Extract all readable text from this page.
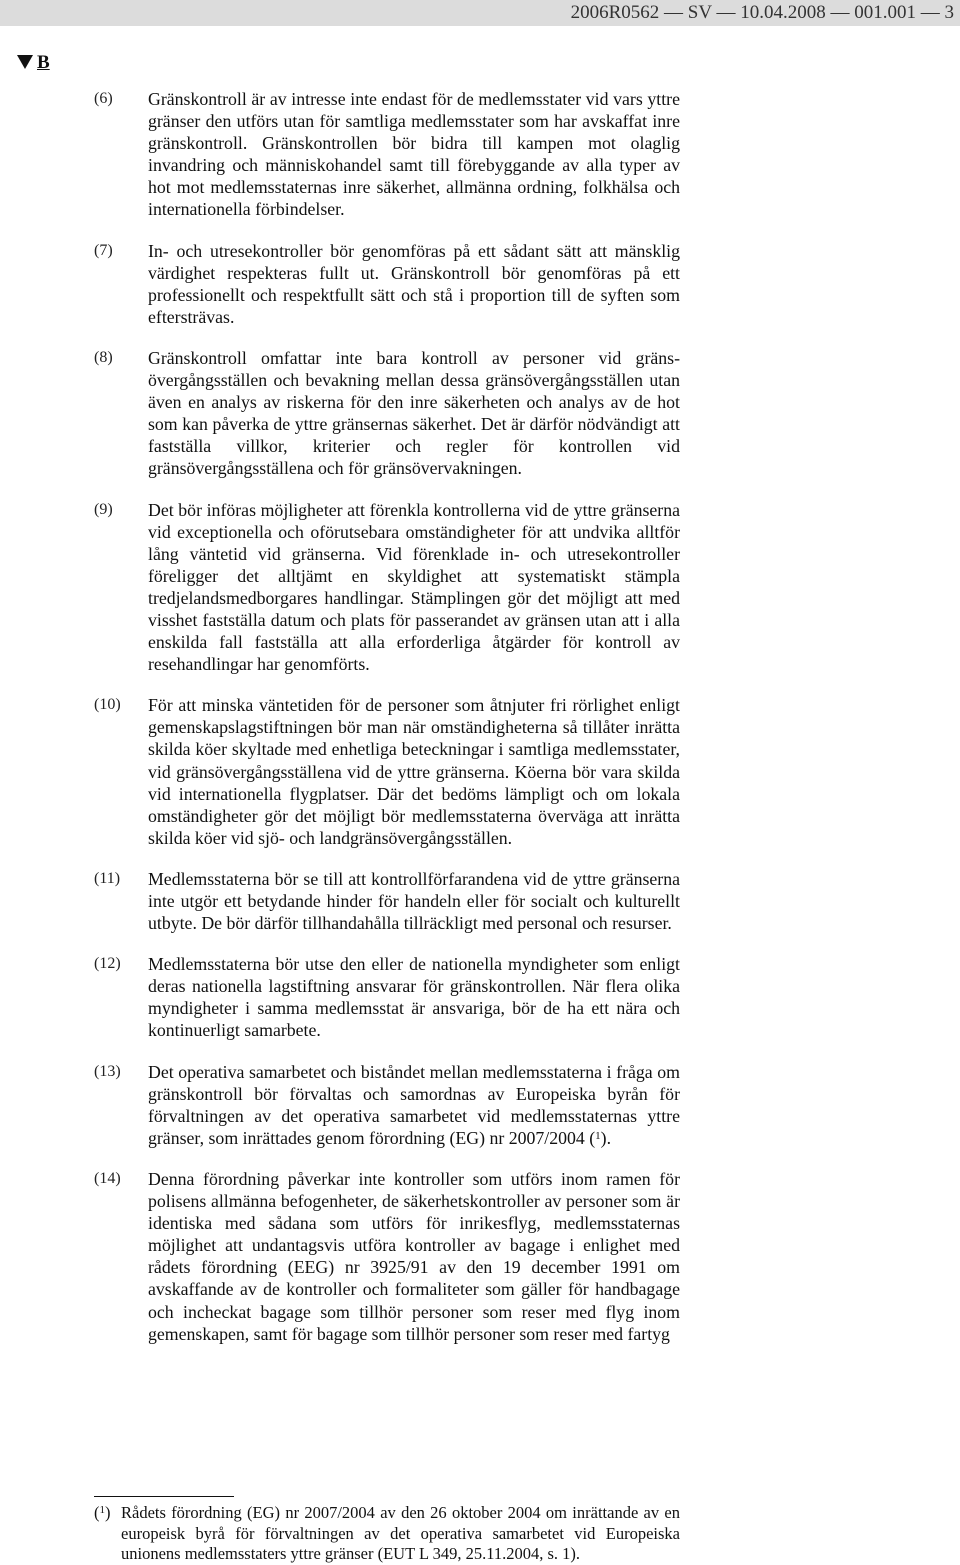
2006R0562 — SV — 10.04.2008 — 001.001 — 3
B
(6)	Gränskontroll är av intresse inte endast för de medlemsstater vid vars yttre gränser den utförs utan för samtliga medlemsstater som har avskaffat inre gränskontroll. Gränskontrollen bör bidra till kampen mot olaglig invandring och människohandel samt till förebyggande av alla typer av hot mot medlemsstaternas inre säkerhet, allmänna ordning, folkhälsa och internationella förbindelser.
(7)	In- och utresekontroller bör genomföras på ett sådant sätt att mänsklig värdighet respekteras fullt ut. Gränskontroll bör genomföras på ett professionellt och respektfullt sätt och stå i proportion till de syften som eftersträvas.
(8)	Gränskontroll omfattar inte bara kontroll av personer vid gränsövergångsställen och bevakning mellan dessa gränsövergångsställen utan även en analys av riskerna för den inre säkerheten och analys av de hot som kan påverka de yttre gränsernas säkerhet. Det är därför nödvändigt att fastställa villkor, kriterier och regler för kontrollen vid gränsövergångsställena och för gränsövervakningen.
(9)	Det bör införas möjligheter att förenkla kontrollerna vid de yttre gränserna vid exceptionella och oförutsebara omständigheter för att undvika alltför lång väntetid vid gränserna. Vid förenklade in- och utresekontroller föreligger det alltjämt en skyldighet att systematiskt stämpla tredjelandsmedborgares handlingar. Stämplingen gör det möjligt att med visshet fastställa datum och plats för passerandet av gränsen utan att i alla enskilda fall fastställa att alla erforderliga åtgärder för kontroll av resehandlingar har genomförts.
(10)	För att minska väntetiden för de personer som åtnjuter fri rörlighet enligt gemenskapslagstiftningen bör man när omständigheterna så tillåter inrätta skilda köer skyltade med enhetliga beteckningar i samtliga medlemsstater, vid gränsövergångsställena vid de yttre gränserna. Köerna bör vara skilda vid internationella flygplatser. Där det bedöms lämpligt och om lokala omständigheter gör det möjligt bör medlemsstaterna överväga att inrätta skilda köer vid sjö- och landgränsövergångsställen.
(11)	Medlemsstaterna bör se till att kontrollförfarandena vid de yttre gränserna inte utgör ett betydande hinder för handeln eller för socialt och kulturellt utbyte. De bör därför tillhandahålla tillräckligt med personal och resurser.
(12)	Medlemsstaterna bör utse den eller de nationella myndigheter som enligt deras nationella lagstiftning ansvarar för gränskontrollen. När flera olika myndigheter i samma medlemsstat är ansvariga, bör de ha ett nära och kontinuerligt samarbete.
(13)	Det operativa samarbetet och biståndet mellan medlemsstaterna i fråga om gränskontroll bör förvaltas och samordnas av Europeiska byrån för förvaltningen av det operativa samarbetet vid medlemsstaternas yttre gränser, som inrättades genom förordning (EG) nr 2007/2004 ($^1$).
(14)	Denna förordning påverkar inte kontroller som utförs inom ramen för polisens allmänna befogenheter, de säkerhetskontroller av personer som är identiska med sådana som utförs för inrikesflyg, medlemsstaternas möjlighet att undantagsvis utföra kontroller av bagage i enlighet med rådets förordning (EEG) nr 3925/91 av den 19 december 1991 om avskaffande av de kontroller och formaliteter som gäller för handbagage och incheckat bagage som tillhör personer som reser med flyg inom gemenskapen, samt för bagage som tillhör personer som reser med fartyg
($^1$) Rådets förordning (EG) nr 2007/2004 av den 26 oktober 2004 om inrättande av en europeisk byrå för förvaltningen av det operativa samarbetet vid Europeiska unionens medlemsstaters yttre gränser (EUT L 349, 25.11.2004, s. 1).
